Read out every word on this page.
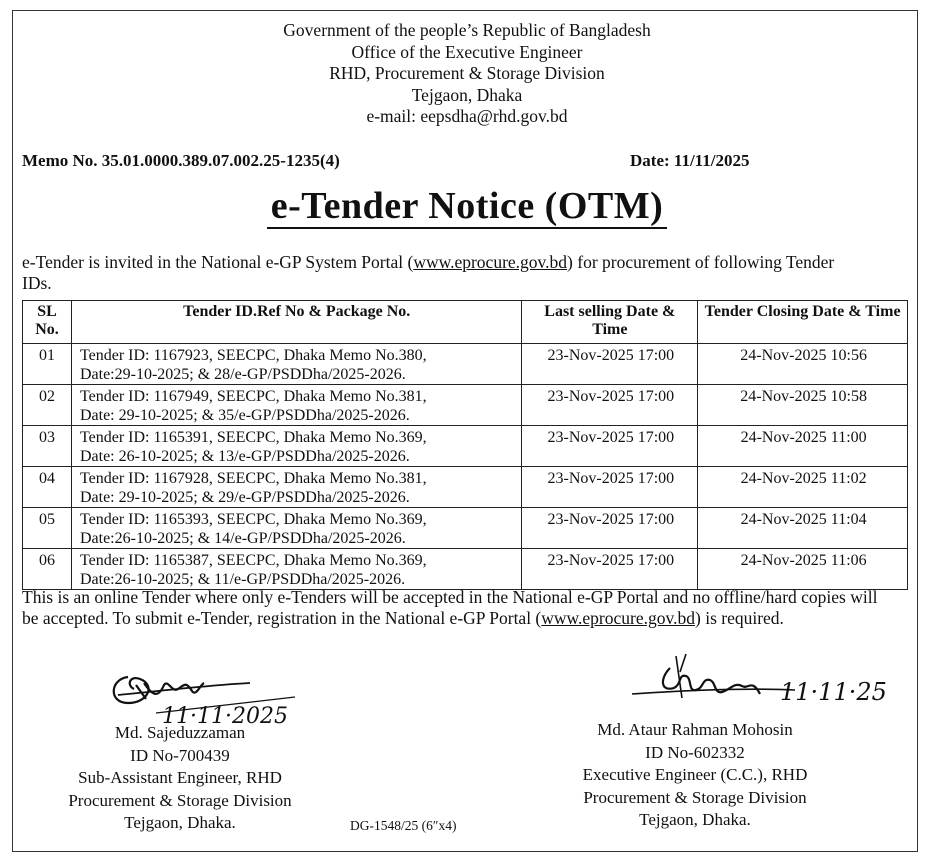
Government of the people’s Republic of Bangladesh
Office of the Executive Engineer
RHD, Procurement & Storage Division
Tejgaon, Dhaka
e-mail: eepsdha@rhd.gov.bd
Memo No. 35.01.0000.389.07.002.25-1235(4)	Date: 11/11/2025
e-Tender Notice (OTM)
e-Tender is invited in the National e-GP System Portal (www.eprocure.gov.bd) for procurement of following Tender IDs.
SL No.	Tender ID.Ref No & Package No.	Last selling Date & Time	Tender Closing Date & Time
01	Tender ID: 1167923, SEECPC, Dhaka Memo No.380,
Date:29-10-2025; & 28/e-GP/PSDDha/2025-2026.	23-Nov-2025 17:00	24-Nov-2025 10:56
02	Tender ID: 1167949, SEECPC, Dhaka Memo No.381,
Date: 29-10-2025; & 35/e-GP/PSDDha/2025-2026.	23-Nov-2025 17:00	24-Nov-2025 10:58
03	Tender ID: 1165391, SEECPC, Dhaka Memo No.369,
Date: 26-10-2025; & 13/e-GP/PSDDha/2025-2026.	23-Nov-2025 17:00	24-Nov-2025 11:00
04	Tender ID: 1167928, SEECPC, Dhaka Memo No.381,
Date: 29-10-2025; & 29/e-GP/PSDDha/2025-2026.	23-Nov-2025 17:00	24-Nov-2025 11:02
05	Tender ID: 1165393, SEECPC, Dhaka Memo No.369,
Date:26-10-2025; & 14/e-GP/PSDDha/2025-2026.	23-Nov-2025 17:00	24-Nov-2025 11:04
06	Tender ID: 1165387, SEECPC, Dhaka Memo No.369,
Date:26-10-2025; & 11/e-GP/PSDDha/2025-2026.	23-Nov-2025 17:00	24-Nov-2025 11:06
This is an online Tender where only e-Tenders will be accepted in the National e-GP Portal and no offline/hard copies will be accepted. To submit e-Tender, registration in the National e-GP Portal (www.eprocure.gov.bd) is required.
11·11·2025
Md. Sajeduzzaman
ID No-700439
Sub-Assistant Engineer, RHD
Procurement & Storage Division
Tejgaon, Dhaka.
11·11·25
Md. Ataur Rahman Mohosin
ID No-602332
Executive Engineer (C.C.), RHD
Procurement & Storage Division
Tejgaon, Dhaka.
DG-1548/25 (6″x4)
